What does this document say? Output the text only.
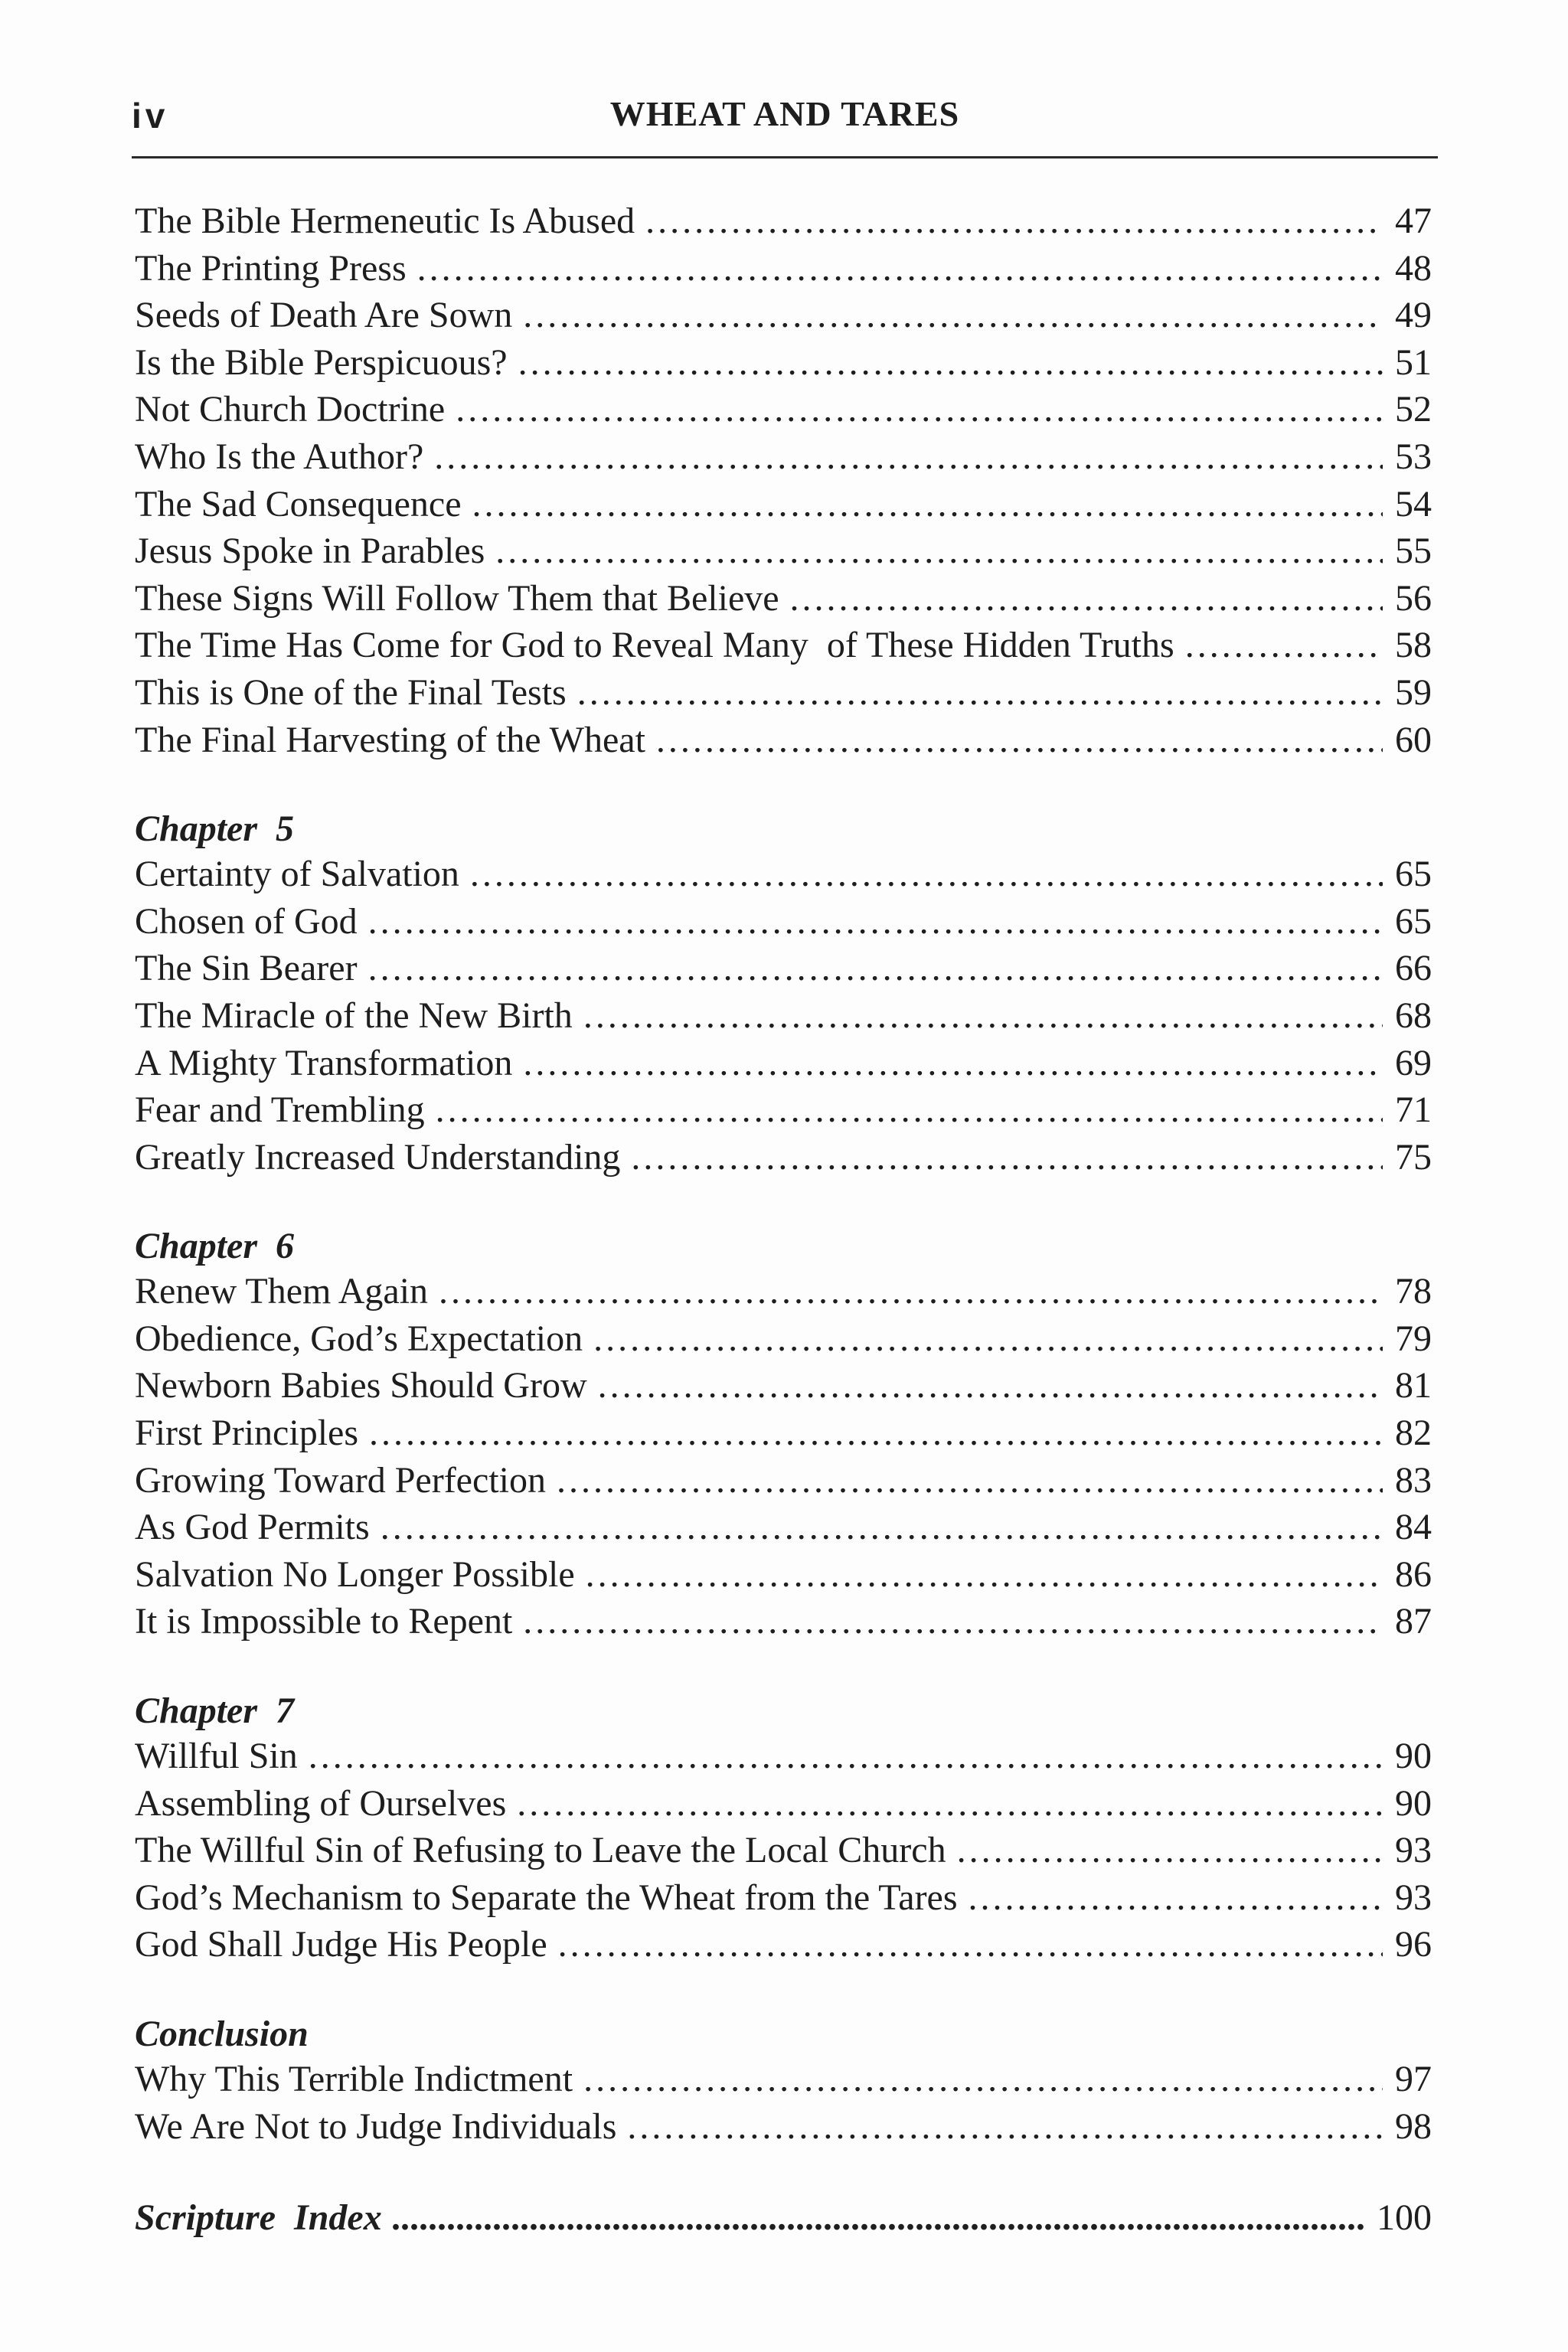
iv	WHEAT AND TARES
The Bible Hermeneutic Is Abused . . .	47
The Printing Press . . .	48
Seeds of Death Are Sown . . .	49
Is the Bible Perspicuous? . . .	51
Not Church Doctrine . . .	52
Who Is the Author? . . .	53
The Sad Consequence . . .	54
Jesus Spoke in Parables . . .	55
These Signs Will Follow Them that Believe . . .	56
The Time Has Come for God to Reveal Many  of These Hidden Truths . . .	58
This is One of the Final Tests . . .	59
The Final Harvesting of the Wheat . . .	60
Chapter  5
Certainty of Salvation . . .	65
Chosen of God . . .	65
The Sin Bearer . . .	66
The Miracle of the New Birth . . .	68
A Mighty Transformation . . .	69
Fear and Trembling . . .	71
Greatly Increased Understanding . . .	75
Chapter  6
Renew Them Again . . .	78
Obedience, God’s Expectation . . .	79
Newborn Babies Should Grow . . .	81
First Principles . . .	82
Growing Toward Perfection . . .	83
As God Permits . . .	84
Salvation No Longer Possible . . .	86
It is Impossible to Repent . . .	87
Chapter  7
Willful Sin . . .	90
Assembling of Ourselves . . .	90
The Willful Sin of Refusing to Leave the Local Church . . .	93
God’s Mechanism to Separate the Wheat from the Tares . . .	93
God Shall Judge His People . . .	96
Conclusion
Why This Terrible Indictment . . .	97
We Are Not to Judge Individuals . . .	98
Scripture  Index . . .	100
